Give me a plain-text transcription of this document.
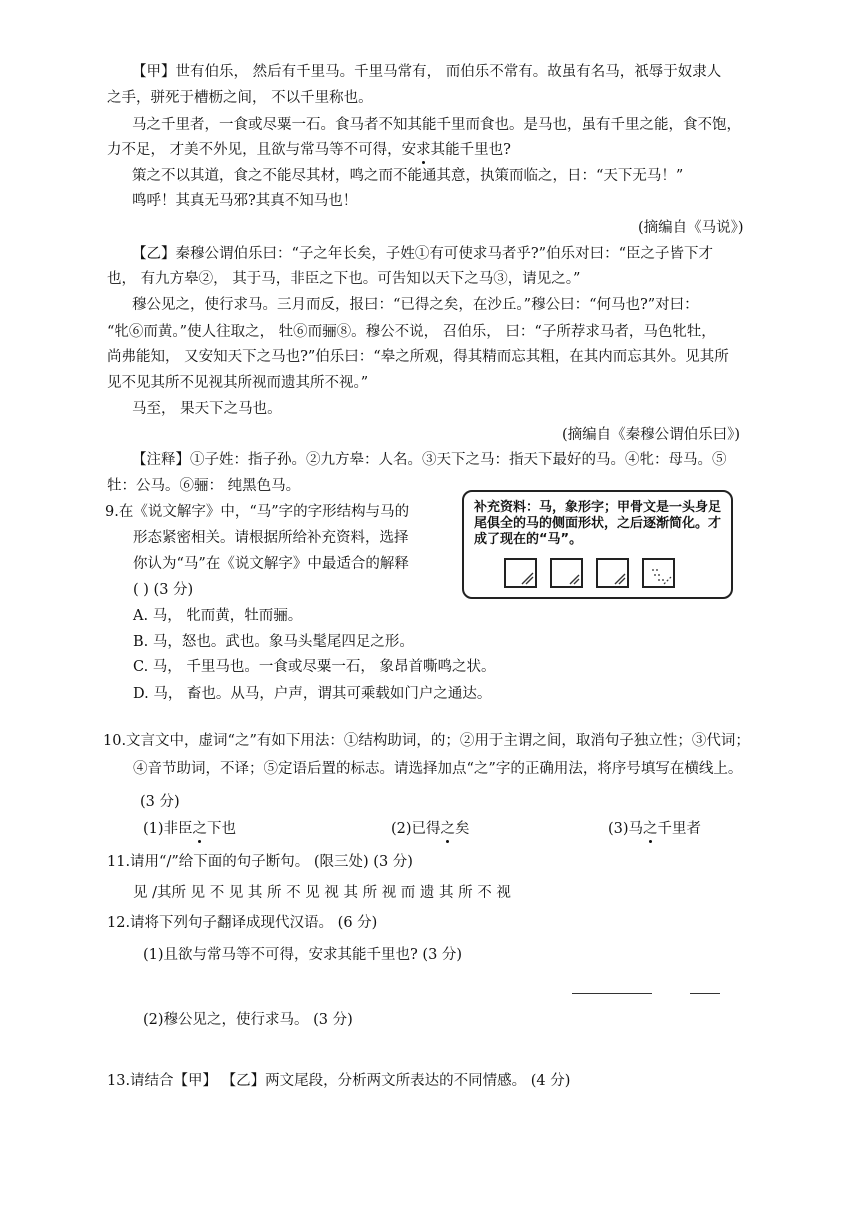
【甲】世有伯乐， 然后有千里马。千里马常有， 而伯乐不常有。故虽有名马，祇辱于奴隶人
之手，骈死于槽枥之间， 不以千里称也。
马之千里者，一食或尽粟一石。食马者不知其能千里而食也。是马也，虽有千里之能，食不饱，
力不足， 才美不外见，且欲与常马等不可得，安求其能千里也?
策之不以其道，食之不能尽其材，鸣之而不能通其意，执策而临之，日：“天下无马！”
鸣呼！其真无马邪?其真不知马也！
(摘编自《马说》)
【乙】秦穆公谓伯乐曰：“子之年长矣，子姓①有可使求马者乎?”伯乐对曰：“臣之子皆下才
也， 有九方皋②， 其于马，非臣之下也。可吿知以天下之马③，请见之。”
穆公见之，使行求马。三月而反，报曰：“已得之矣，在沙丘。”穆公曰：“何马也?”对曰：
“牝⑥而黄。”使人往取之， 牡⑥而骊⑧。穆公不说， 召伯乐， 曰：“子所荐求马者，马色牝牡，
尚弗能知， 又安知天下之马也?”伯乐曰：“皋之所观，得其精而忘其粗，在其内而忘其外。见其所
见不见其所不见视其所视而遗其所不视。”
马至， 果天下之马也。
(摘编自《秦穆公谓伯乐曰》)
【注释】①子姓：指子孙。②九方皋：人名。③天下之马：指天下最好的马。④牝：母马。⑤
牡：公马。⑥骊： 纯黑色马。
补充资料：马，象形字；甲骨文是一头身足尾俱全的马的侧面形状，之后逐渐简化。才成了现在的“马”。
9.在《说文解字》中，“马”字的字形结构与马的
形态紧密相关。请根据所给补充资料，选择
你认为“马”在《说文解字》中最适合的解释
( ) (3 分)
A. 马， 牝而黄，牡而骊。
B. 马，怒也。武也。象马头髦尾四足之形。
C. 马， 千里马也。一食或尽粟一石， 象昂首嘶鸣之状。
D. 马， 畜也。从马，户声，谓其可乘载如门户之通达。
10.文言文中，虚词“之”有如下用法：①结构助词，的；②用于主谓之间，取消句子独立性；③代词；
④音节助词，不译；⑤定语后置的标志。请选择加点“之”字的正确用法，将序号填写在横线上。
(3 分)
(1)非臣之下也	(2)已得之矣	(3)马之千里者
11.请用“/”给下面的句子断句。 (限三处) (3 分)
见 /其所 见 不 见 其 所 不 见 视 其 所 视 而 遗 其 所 不 视
12.请将下列句子翻译成现代汉语。 (6 分)
(1)且欲与常马等不可得，安求其能千里也? (3 分)
(2)穆公见之，使行求马。 (3 分)
13.请结合【甲】 【乙】两文尾段，分析两文所表达的不同情感。 (4 分)
